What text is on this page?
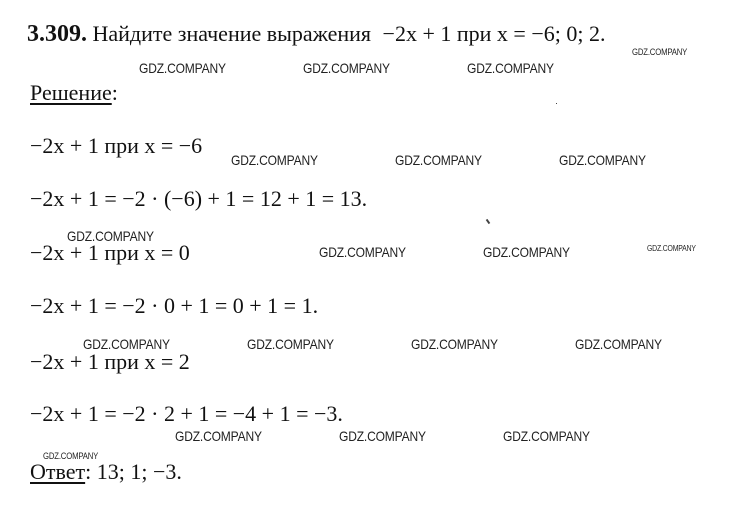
3.309. Найдите значение выражения −2x + 1 при x = −6; 0; 2.
Решение:
−2x + 1 при x = −6
−2x + 1 = −2 · (−6) + 1 = 12 + 1 = 13.
−2x + 1 при x = 0
−2x + 1 = −2 · 0 + 1 = 0 + 1 = 1.
−2x + 1 при x = 2
−2x + 1 = −2 · 2 + 1 = −4 + 1 = −3.
Ответ: 13; 1; −3.
GDZ.COMPANY
GDZ.COMPANY	GDZ.COMPANY	GDZ.COMPANY
GDZ.COMPANY	GDZ.COMPANY	GDZ.COMPANY
GDZ.COMPANY
GDZ.COMPANY	GDZ.COMPANY	GDZ.COMPANY
GDZ.COMPANY	GDZ.COMPANY	GDZ.COMPANY	GDZ.COMPANY
GDZ.COMPANY	GDZ.COMPANY	GDZ.COMPANY
GDZ.COMPANY
